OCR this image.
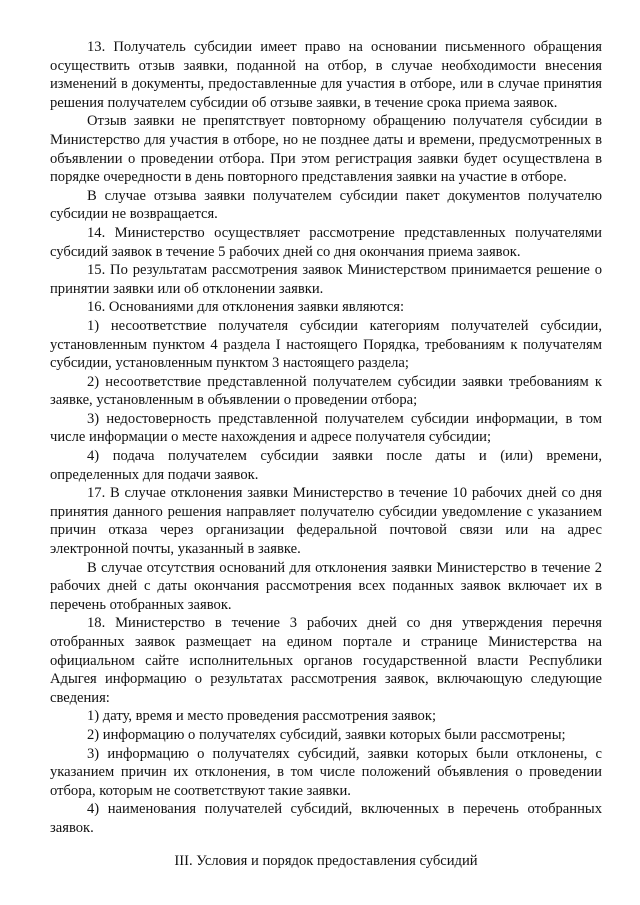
13. Получатель субсидии имеет право на основании письменного обращения осуществить отзыв заявки, поданной на отбор, в случае необходимости внесения изменений в документы, предоставленные для участия в отборе, или в случае принятия решения получателем субсидии об отзыве заявки, в течение срока приема заявок.

Отзыв заявки не препятствует повторному обращению получателя субсидии в Министерство для участия в отборе, но не позднее даты и времени, предусмотренных в объявлении о проведении отбора. При этом регистрация заявки будет осуществлена в порядке очередности в день повторного представления заявки на участие в отборе.

В случае отзыва заявки получателем субсидии пакет документов получателю субсидии не возвращается.

14. Министерство осуществляет рассмотрение представленных получателями субсидий заявок в течение 5 рабочих дней со дня окончания приема заявок.

15. По результатам рассмотрения заявок Министерством принимается решение о принятии заявки или об отклонении заявки.

16. Основаниями для отклонения заявки являются:

1) несоответствие получателя субсидии категориям получателей субсидии, установленным пунктом 4 раздела I настоящего Порядка, требованиям к получателям субсидии, установленным пунктом 3 настоящего раздела;

2) несоответствие представленной получателем субсидии заявки требованиям к заявке, установленным в объявлении о проведении отбора;

3) недостоверность представленной получателем субсидии информации, в том числе информации о месте нахождения и адресе получателя субсидии;

4) подача получателем субсидии заявки после даты и (или) времени, определенных для подачи заявок.

17. В случае отклонения заявки Министерство в течение 10 рабочих дней со дня принятия данного решения направляет получателю субсидии уведомление с указанием причин отказа через организации федеральной почтовой связи или на адрес электронной почты, указанный в заявке.

В случае отсутствия оснований для отклонения заявки Министерство в течение 2 рабочих дней с даты окончания рассмотрения всех поданных заявок включает их в перечень отобранных заявок.

18. Министерство в течение 3 рабочих дней со дня утверждения перечня отобранных заявок размещает на едином портале и странице Министерства на официальном сайте исполнительных органов государственной власти Республики Адыгея информацию о результатах рассмотрения заявок, включающую следующие сведения:

1) дату, время и место проведения рассмотрения заявок;

2) информацию о получателях субсидий, заявки которых были рассмотрены;

3) информацию о получателях субсидий, заявки которых были отклонены, с указанием причин их отклонения, в том числе положений объявления о проведении отбора, которым не соответствуют такие заявки.

4) наименования получателей субсидий, включенных в перечень отобранных заявок.

III. Условия и порядок предоставления субсидий
